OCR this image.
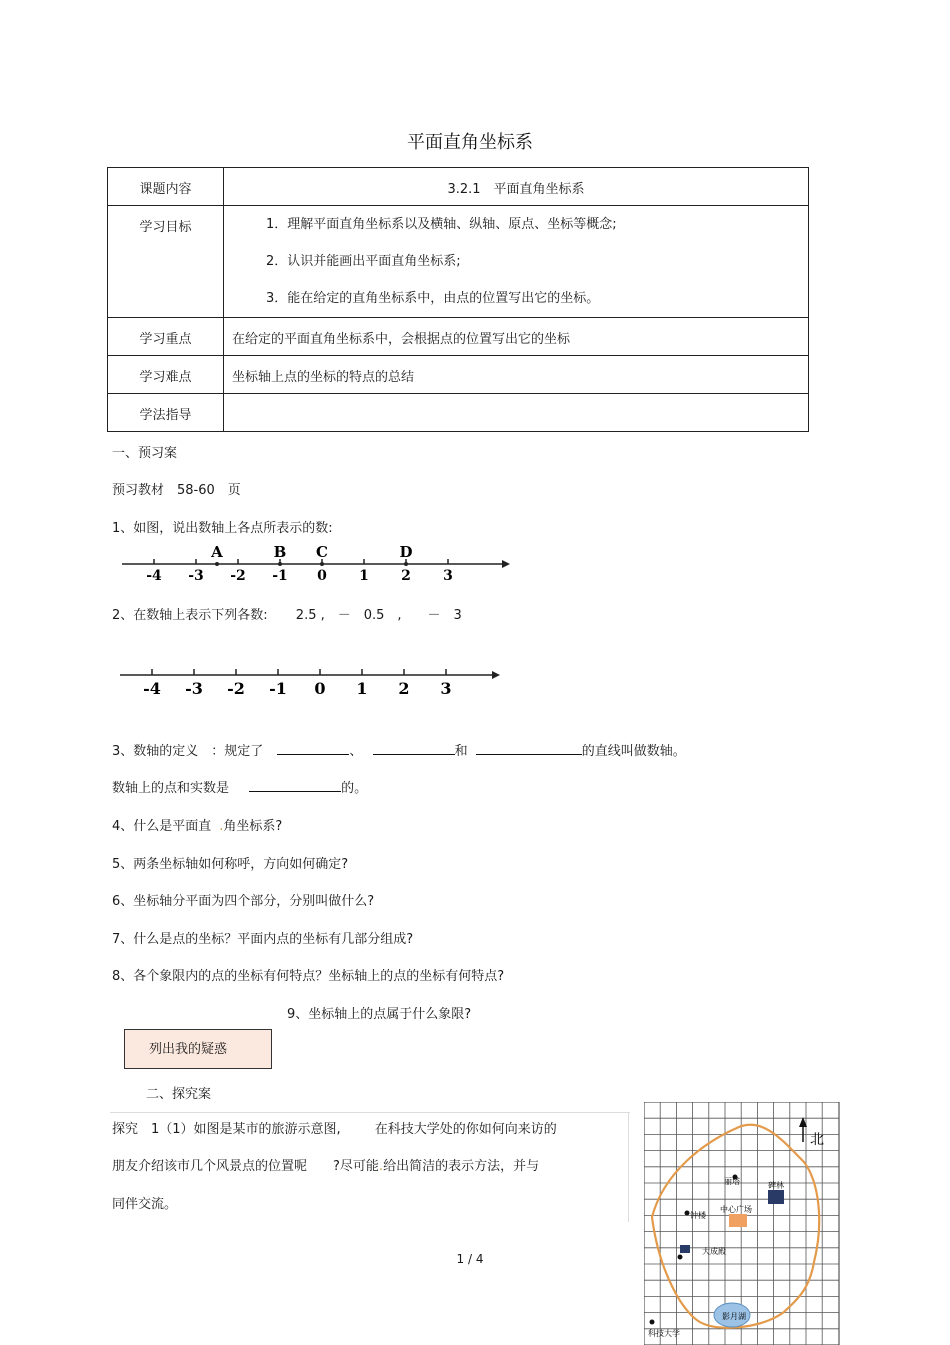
平面直角坐标系
课题内容	3.2.1　平面直角坐标系

学习目标	1．理解平面直角坐标系以及横轴、纵轴、原点、坐标等概念;
2．认识并能画出平面直角坐标系;
3．能在给定的直角坐标系中，由点的位置写出它的坐标。

学习重点	在给定的平面直角坐标系中，会根据点的位置写出它的坐标

学习难点	坐标轴上点的坐标的特点的总结

学法指导	

一、预习案
预习教材　58-60　页
1、如图，说出数轴上各点所表示的数:
-4 -3 -2 -1 0 1 2 3
A	B C	D
2、在数轴上表示下列各数: 2.5 ,　－　0.5　,　　－　3
-4 -3 -2 -1 0 1 2 3
3、数轴的定义　：规定了	、	和	的直线叫做数轴。
数轴上的点和实数是	的。
4、什么是平面直 .角坐标系?
5、两条坐标轴如何称呼，方向如何确定?
6、坐标轴分平面为四个部分，分别叫做什么?
7、什么是点的坐标？平面内点的坐标有几部分组成?
8、各个象限内的点的坐标有何特点？坐标轴上的点的坐标有何特点?
9、坐标轴上的点属于什么象限?
列出我的疑惑
二、探究案
探究　1（1）如图是某市的旅游示意图,	在科技大学处的你如何向来访的
朋友介绍该市几个风景点的位置呢 ?尽可能.给出简洁的表示方法，并与
同伴交流。
北
丽塔	碑林
中心广场
钟楼
大成殿
影月湖
科技大学
1 / 4
